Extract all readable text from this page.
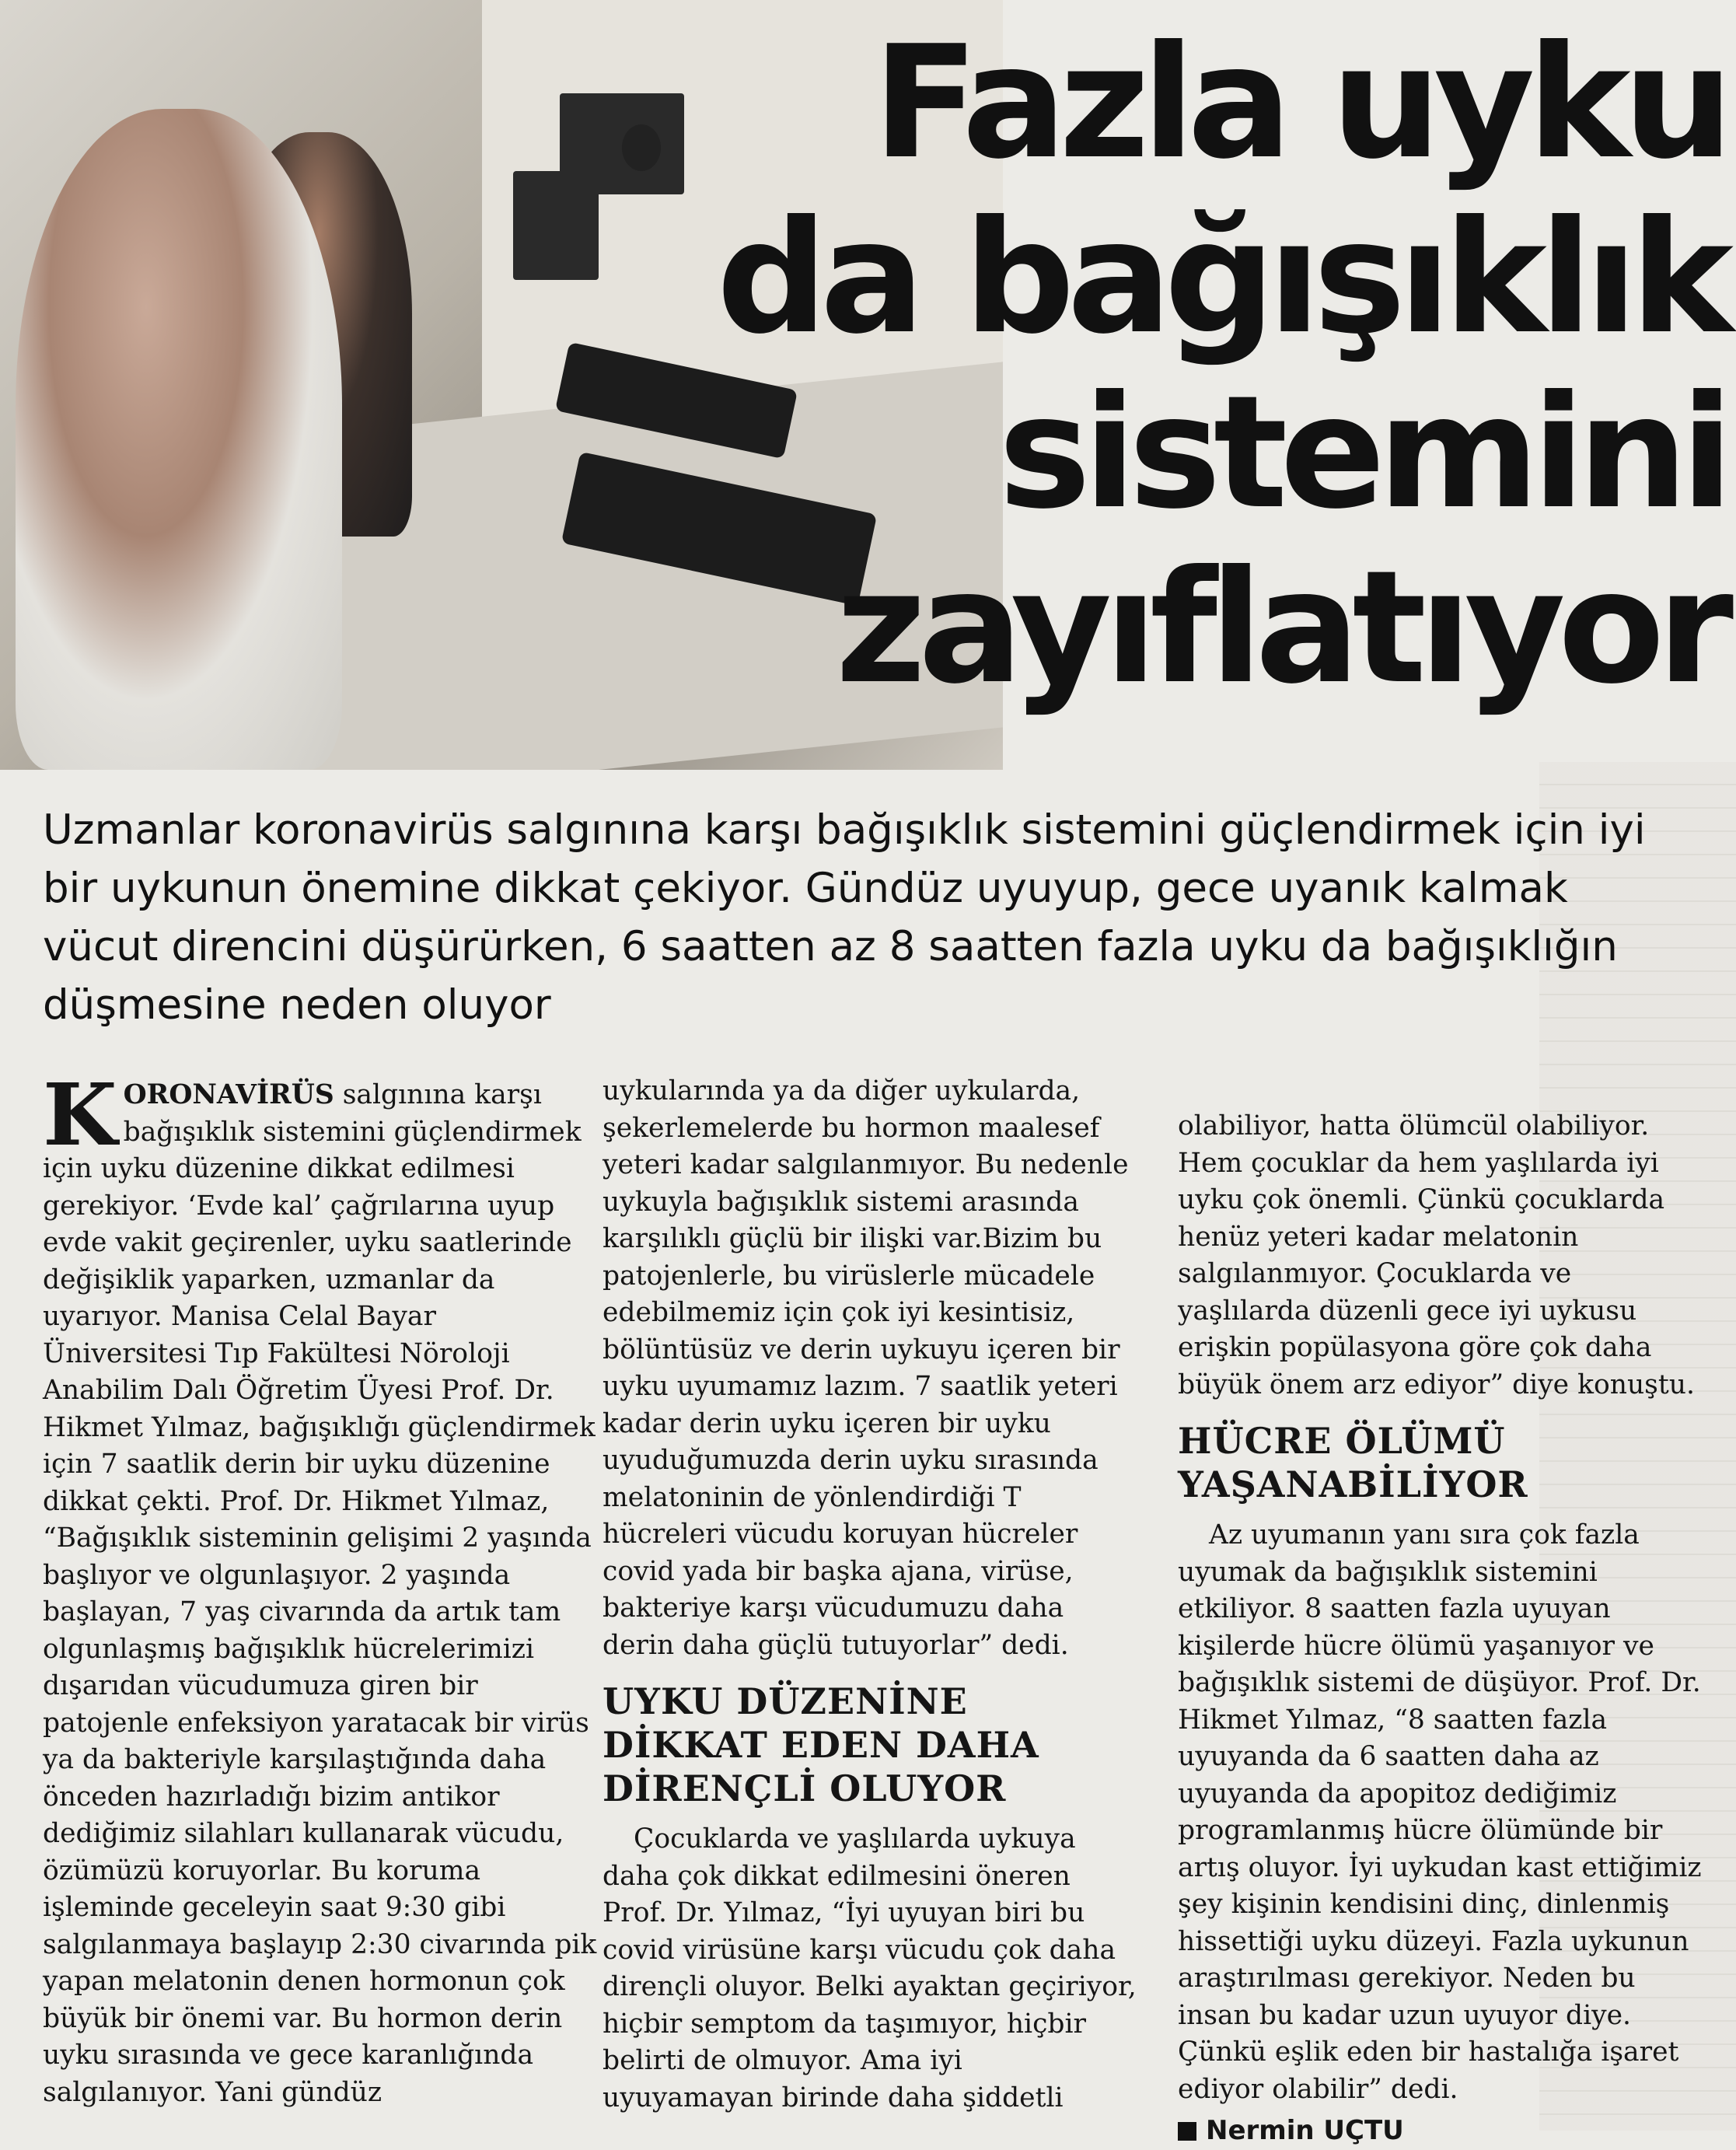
Fazla uyku
da bağışıklık
sistemini
zayıflatıyor

Uzmanlar koronavirüs salgınına karşı bağışıklık sistemini güçlendirmek için iyi bir uykunun önemine dikkat çekiyor. Gündüz uyuyup, gece uyanık kalmak vücut direncini düşürürken, 6 saatten az 8 saatten fazla uyku da bağışıklığın düşmesine neden oluyor

KORONAVİRÜS salgınına karşı bağışıklık sistemini güçlendirmek için uyku düzenine dikkat edilmesi gerekiyor. ‘Evde kal’ çağrılarına uyup evde vakit geçirenler, uyku saatlerinde değişiklik yaparken, uzmanlar da uyarıyor. Manisa Celal Bayar Üniversitesi Tıp Fakültesi Nöroloji Anabilim Dalı Öğretim Üyesi Prof. Dr. Hikmet Yılmaz, bağışıklığı güçlendirmek için 7 saatlik derin bir uyku düzenine dikkat çekti. Prof. Dr. Hikmet Yılmaz, “Bağışıklık sisteminin gelişimi 2 yaşında başlıyor ve olgunlaşıyor. 2 yaşında başlayan, 7 yaş civarında da artık tam olgunlaşmış bağışıklık hücrelerimizi dışarıdan vücudumuza giren bir patojenle enfeksiyon yaratacak bir virüs ya da bakteriyle karşılaştığında daha önceden hazırladığı bizim antikor dediğimiz silahları kullanarak vücudu, özümüzü koruyorlar. Bu koruma işleminde geceleyin saat 9:30 gibi salgılanmaya başlayıp 2:30 civarında pik yapan melatonin denen hormonun çok büyük bir önemi var. Bu hormon derin uyku sırasında ve gece karanlığında salgılanıyor. Yani gündüz

uykularında ya da diğer uykularda, şekerlemelerde bu hormon maalesef yeteri kadar salgılanmıyor. Bu nedenle uykuyla bağışıklık sistemi arasında karşılıklı güçlü bir ilişki var.Bizim bu patojenlerle, bu virüslerle mücadele edebilmemiz için çok iyi kesintisiz, bölüntüsüz ve derin uykuyu içeren bir uyku uyumamız lazım. 7 saatlik yeteri kadar derin uyku içeren bir uyku uyuduğumuzda derin uyku sırasında melatoninin de yönlendirdiği T hücreleri vücudu koruyan hücreler covid yada bir başka ajana, virüse, bakteriye karşı vücudumuzu daha derin daha güçlü tutuyorlar” dedi.

UYKU DÜZENİNE DİKKAT EDEN DAHA DİRENÇLİ OLUYOR

Çocuklarda ve yaşlılarda uykuya daha çok dikkat edilmesini öneren Prof. Dr. Yılmaz, “İyi uyuyan biri bu covid virüsüne karşı vücudu çok daha dirençli oluyor. Belki ayaktan geçiriyor, hiçbir semptom da taşımıyor, hiçbir belirti de olmuyor. Ama iyi uyuyamayan birinde daha şiddetli

olabiliyor, hatta ölümcül olabiliyor. Hem çocuklar da hem yaşlılarda iyi uyku çok önemli. Çünkü çocuklarda henüz yeteri kadar melatonin salgılanmıyor. Çocuklarda ve yaşlılarda düzenli gece iyi uykusu erişkin popülasyona göre çok daha büyük önem arz ediyor” diye konuştu.

HÜCRE ÖLÜMÜ YAŞANABİLİYOR

Az uyumanın yanı sıra çok fazla uyumak da bağışıklık sistemini etkiliyor. 8 saatten fazla uyuyan kişilerde hücre ölümü yaşanıyor ve bağışıklık sistemi de düşüyor. Prof. Dr. Hikmet Yılmaz, “8 saatten fazla uyuyanda da 6 saatten daha az uyuyanda da apopitoz dediğimiz programlanmış hücre ölümünde bir artış oluyor. İyi uykudan kast ettiğimiz şey kişinin kendisini dinç, dinlenmiş hissettiği uyku düzeyi. Fazla uykunun araştırılması gerekiyor. Neden bu insan bu kadar uzun uyuyor diye. Çünkü eşlik eden bir hastalığa işaret ediyor olabilir” dedi.

Nermin UÇTU
